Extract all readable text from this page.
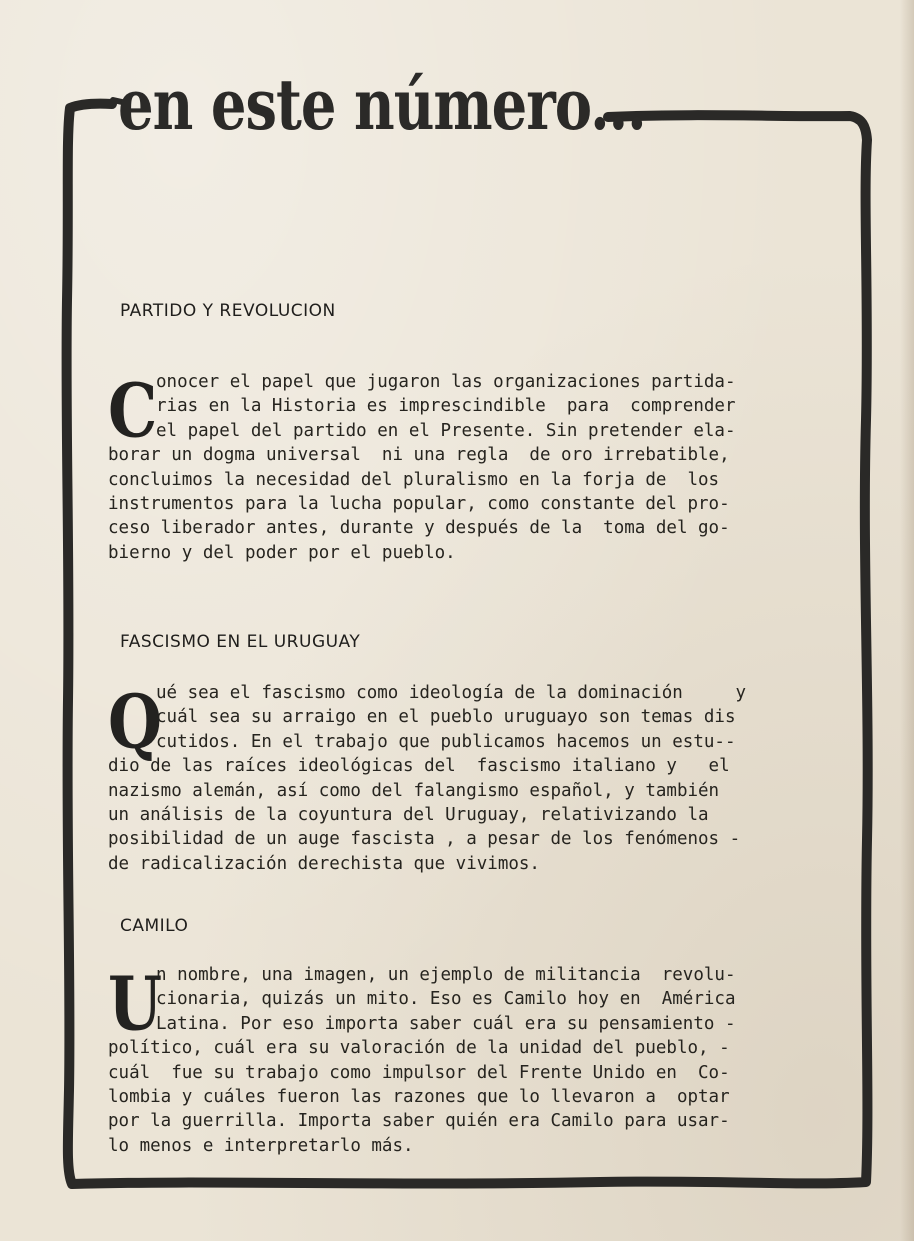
en este número...

PARTIDO Y REVOLUCION

C
onocer el papel que jugaron las organizaciones partida-
rias en la Historia es imprescindible  para  comprender
el papel del partido en el Presente. Sin pretender ela-
borar un dogma universal  ni una regla  de oro irrebatible,
concluimos la necesidad del pluralismo en la forja de  los
instrumentos para la lucha popular, como constante del pro-
ceso liberador antes, durante y después de la  toma del go-
bierno y del poder por el pueblo.

FASCISMO EN EL URUGUAY

Q
ué sea el fascismo como ideología de la dominación     y
cuál sea su arraigo en el pueblo uruguayo son temas dis
cutidos. En el trabajo que publicamos hacemos un estu--
dio de las raíces ideológicas del  fascismo italiano y   el
nazismo alemán, así como del falangismo español, y también
un análisis de la coyuntura del Uruguay, relativizando la
posibilidad de un auge fascista , a pesar de los fenómenos -
de radicalización derechista que vivimos.

CAMILO

U
n nombre, una imagen, un ejemplo de militancia  revolu-
cionaria, quizás un mito. Eso es Camilo hoy en  América
Latina. Por eso importa saber cuál era su pensamiento -
político, cuál era su valoración de la unidad del pueblo, -
cuál  fue su trabajo como impulsor del Frente Unido en  Co-
lombia y cuáles fueron las razones que lo llevaron a  optar
por la guerrilla. Importa saber quién era Camilo para usar-
lo menos e interpretarlo más.
